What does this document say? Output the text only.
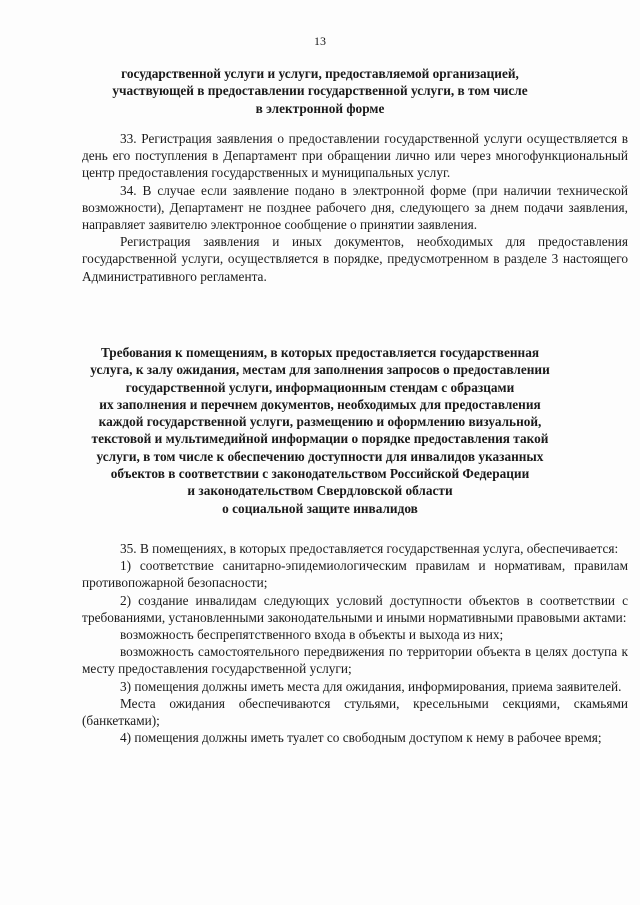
13
государственной услуги и услуги, предоставляемой организацией,
участвующей в предоставлении государственной услуги, в том числе
в электронной форме

33. Регистрация заявления о предоставлении государственной услуги осуществляется в день его поступления в Департамент при обращении лично или через многофункциональный центр предоставления государственных и муниципальных услуг.

34. В случае если заявление подано в электронной форме (при наличии технической возможности), Департамент не позднее рабочего дня, следующего за днем подачи заявления, направляет заявителю электронное сообщение о принятии заявления.

Регистрация заявления и иных документов, необходимых для предоставления государственной услуги, осуществляется в порядке, предусмотренном в разделе 3 настоящего Административного регламента.

Требования к помещениям, в которых предоставляется государственная
услуга, к залу ожидания, местам для заполнения запросов о предоставлении
государственной услуги, информационным стендам с образцами
их заполнения и перечнем документов, необходимых для предоставления
каждой государственной услуги, размещению и оформлению визуальной,
текстовой и мультимедийной информации о порядке предоставления такой
услуги, в том числе к обеспечению доступности для инвалидов указанных
объектов в соответствии с законодательством Российской Федерации
и законодательством Свердловской области
о социальной защите инвалидов

35. В помещениях, в которых предоставляется государственная услуга, обеспечивается:

1) соответствие санитарно-эпидемиологическим правилам и нормативам, правилам противопожарной безопасности;

2) создание инвалидам следующих условий доступности объектов в соответствии с требованиями, установленными законодательными и иными нормативными правовыми актами:

возможность беспрепятственного входа в объекты и выхода из них;

возможность самостоятельного передвижения по территории объекта в целях доступа к месту предоставления государственной услуги;

3) помещения должны иметь места для ожидания, информирования, приема заявителей.

Места ожидания обеспечиваются стульями, кресельными секциями, скамьями (банкетками);

4) помещения должны иметь туалет со свободным доступом к нему в рабочее время;
